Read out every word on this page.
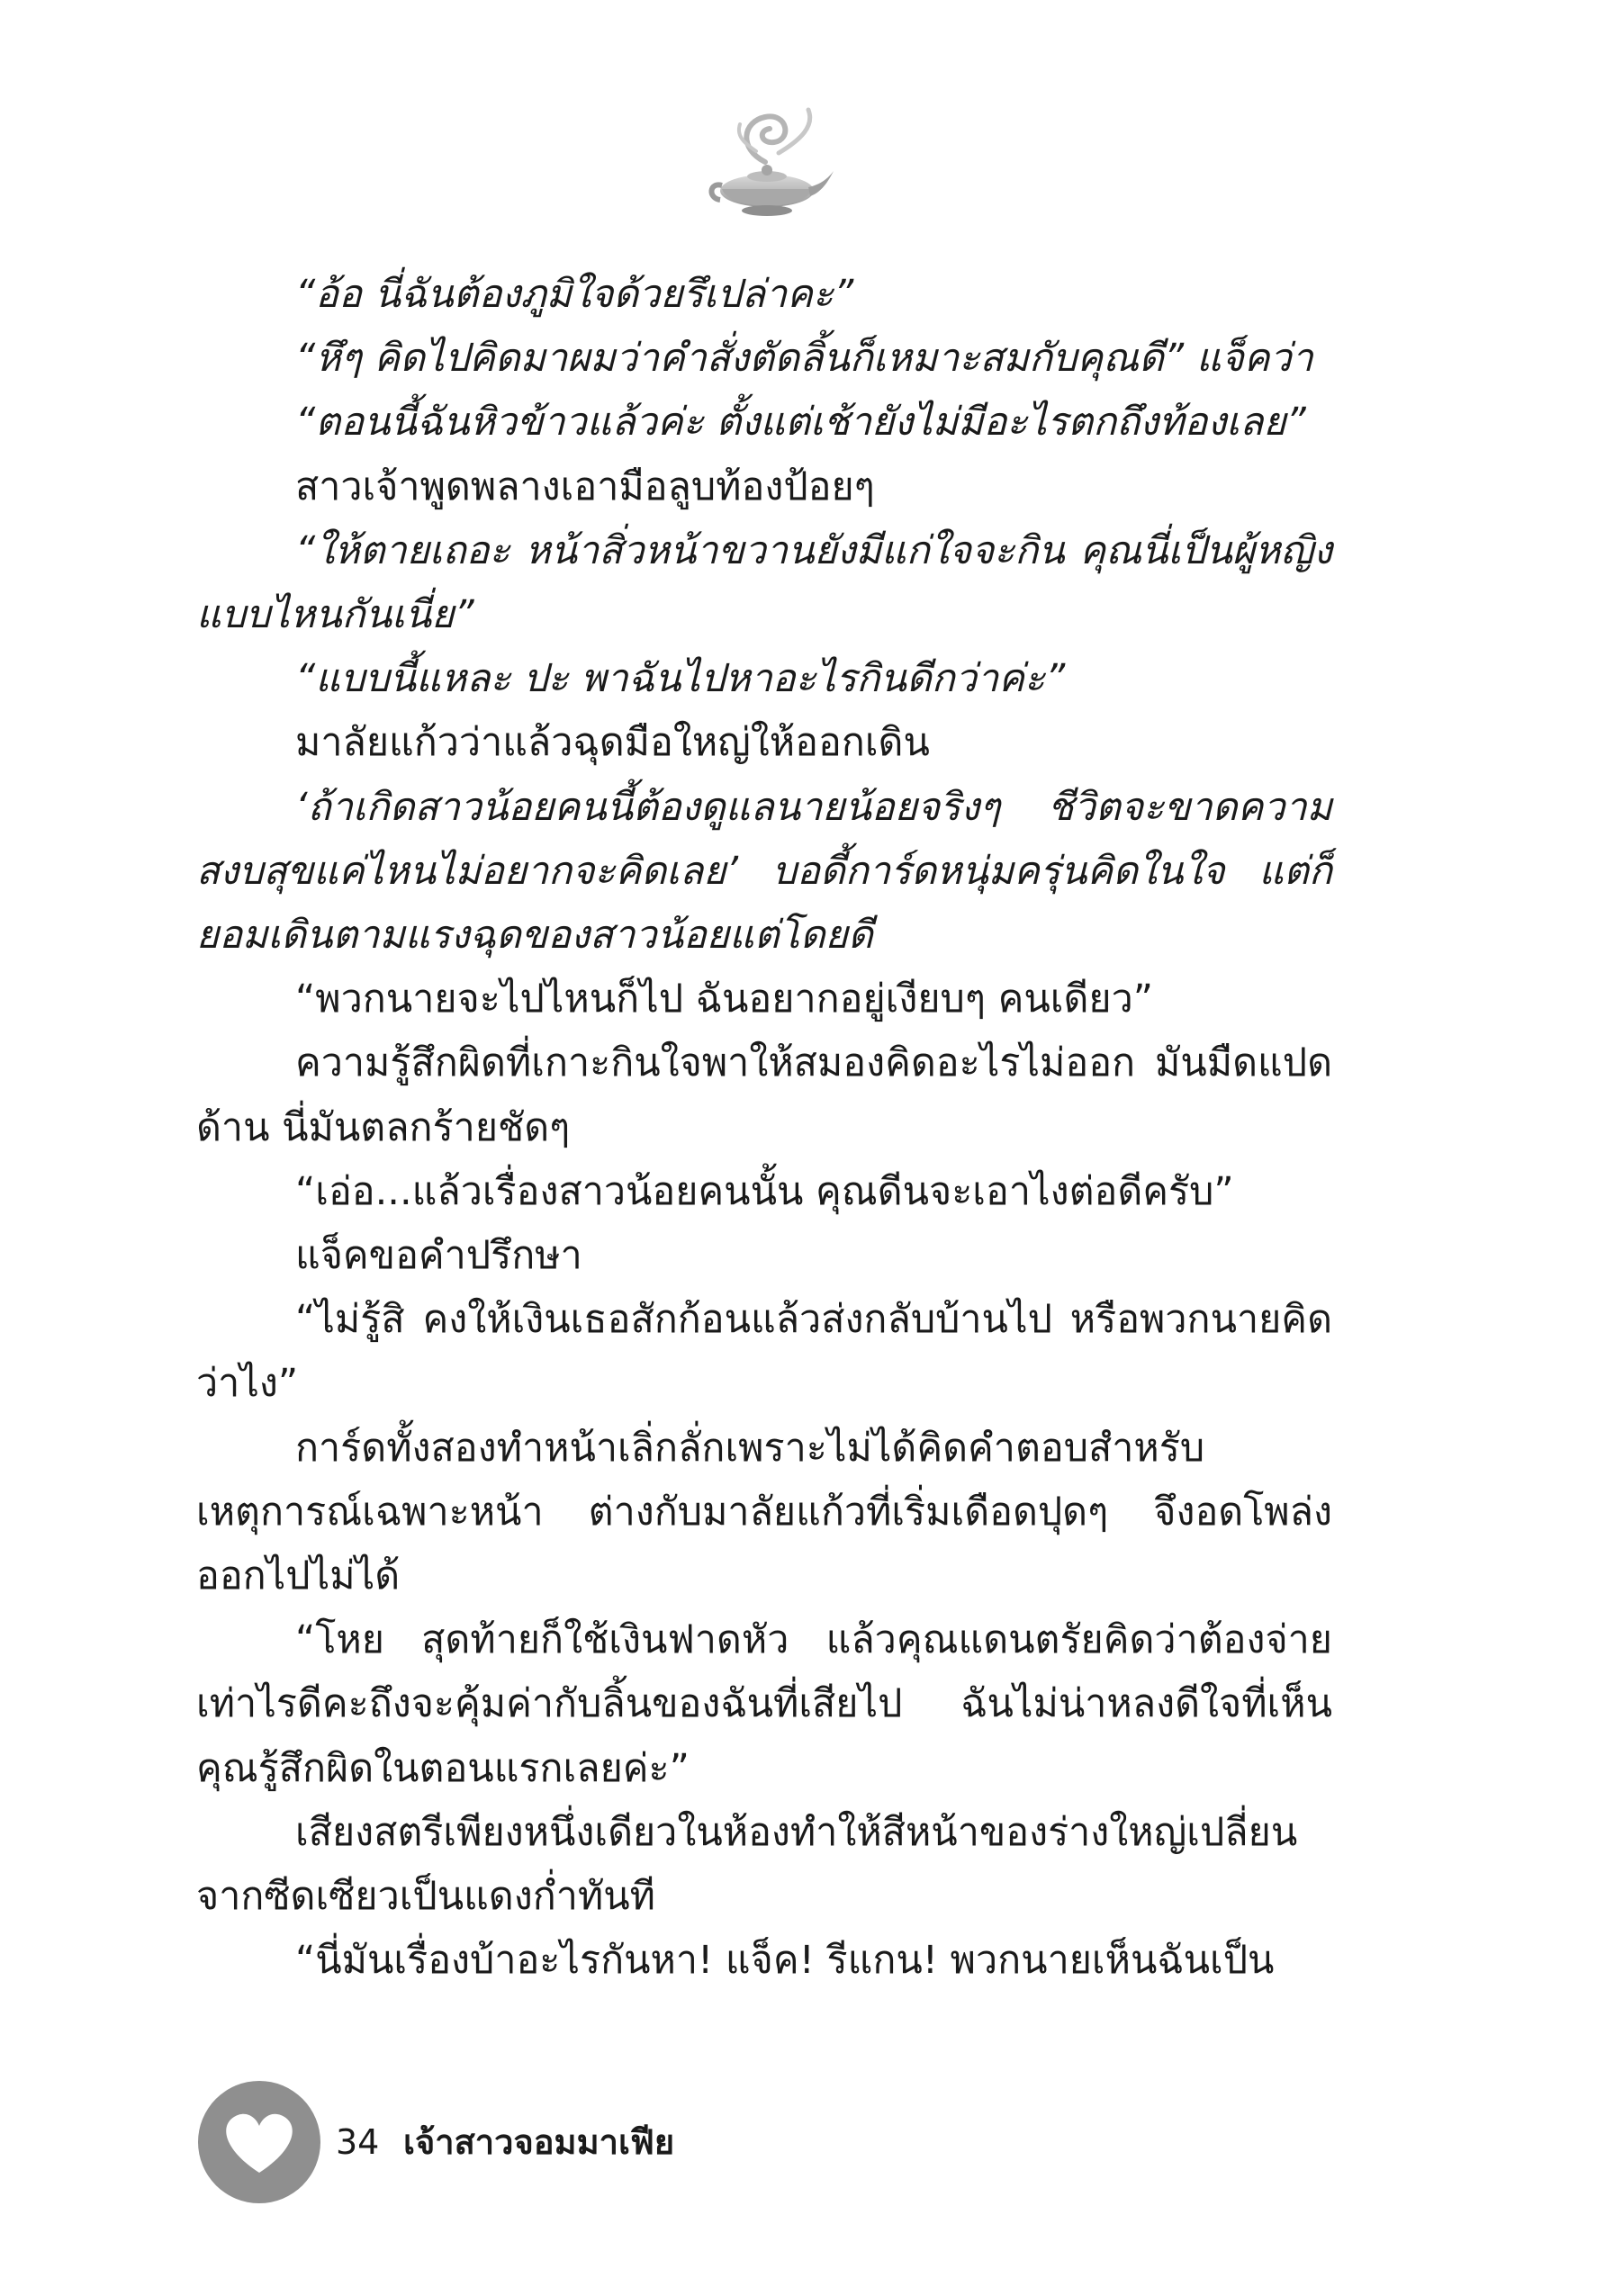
“อ้อ นี่ฉันต้องภูมิใจด้วยรึเปล่าคะ”

“หึๆ คิดไปคิดมาผมว่าคำสั่งตัดลิ้นก็เหมาะสมกับคุณดี” แจ็คว่า

“ตอนนี้ฉันหิวข้าวแล้วค่ะ ตั้งแต่เช้ายังไม่มีอะไรตกถึงท้องเลย”

สาวเจ้าพูดพลางเอามือลูบท้องป้อยๆ

“ให้ตายเถอะ หน้าสิ่วหน้าขวานยังมีแก่ใจจะกิน คุณนี่เป็นผู้หญิงแบบไหนกันเนี่ย”

“แบบนี้แหละ ปะ พาฉันไปหาอะไรกินดีกว่าค่ะ”

มาลัยแก้วว่าแล้วฉุดมือใหญ่ให้ออกเดิน

‘ถ้าเกิดสาวน้อยคนนี้ต้องดูแลนายน้อยจริงๆ ชีวิตจะขาดความสงบสุขแค่ไหนไม่อยากจะคิดเลย’ บอดี้การ์ดหนุ่มครุ่นคิดในใจ แต่ก็ยอมเดินตามแรงฉุดของสาวน้อยแต่โดยดี

“พวกนายจะไปไหนก็ไป ฉันอยากอยู่เงียบๆ คนเดียว”

ความรู้สึกผิดที่เกาะกินใจพาให้สมองคิดอะไรไม่ออก มันมืดแปดด้าน นี่มันตลกร้ายชัดๆ

“เอ่อ...แล้วเรื่องสาวน้อยคนนั้น คุณดีนจะเอาไงต่อดีครับ”

แจ็คขอคำปรึกษา

“ไม่รู้สิ คงให้เงินเธอสักก้อนแล้วส่งกลับบ้านไป หรือพวกนายคิดว่าไง”

การ์ดทั้งสองทำหน้าเลิ่กลั่กเพราะไม่ได้คิดคำตอบสำหรับเหตุการณ์เฉพาะหน้า ต่างกับมาลัยแก้วที่เริ่มเดือดปุดๆ จึงอดโพล่งออกไปไม่ได้

“โหย สุดท้ายก็ใช้เงินฟาดหัว แล้วคุณแดนตรัยคิดว่าต้องจ่ายเท่าไรดีคะถึงจะคุ้มค่ากับลิ้นของฉันที่เสียไป ฉันไม่น่าหลงดีใจที่เห็นคุณรู้สึกผิดในตอนแรกเลยค่ะ”

เสียงสตรีเพียงหนึ่งเดียวในห้องทำให้สีหน้าของร่างใหญ่เปลี่ยนจากซีดเซียวเป็นแดงก่ำทันที

“นี่มันเรื่องบ้าอะไรกันหา! แจ็ค! รีแกน! พวกนายเห็นฉันเป็น

34 เจ้าสาวจอมมาเฟีย
